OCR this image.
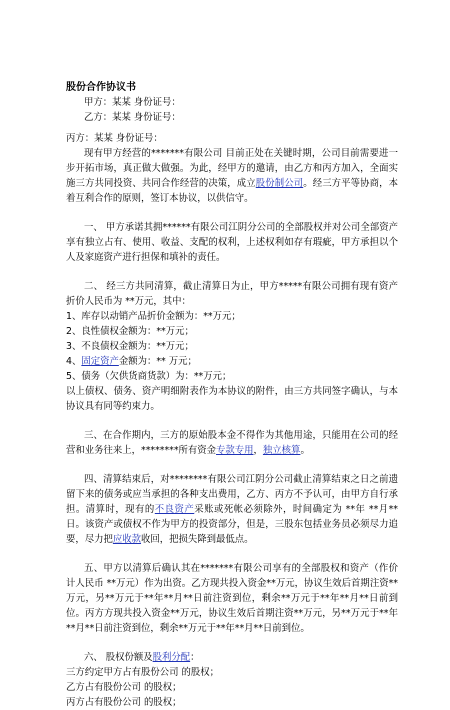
股份合作协议书
甲方：某某 身份证号：
乙方：某某 身份证号：
丙方：某某 身份证号：
现有甲方经营的*******有限公司 目前正处在关键时期，公司目前需要进一步开拓市场，真正做大做强。为此，经甲方的邀请，由乙方和丙方加入，全面实施三方共同投资、共同合作经营的决策，成立股份制公司。经三方平等协商，本着互利合作的原则，签订本协议，以供信守。
一、 甲方承诺其拥******有限公司江阴分公司的全部股权并对公司全部资产享有独立占有、使用、收益、支配的权利，上述权利如存有瑕疵，甲方承担以个人及家庭资产进行担保和填补的责任。
二、 经三方共同清算，截止清算日为止，甲方*****有限公司拥有现有资产折价人民币为 **万元，其中：
1、库存以动销产品折价金额为：**万元；
2、良性债权金额为：**万元；
3、不良债权金额为：**万元；
4、固定资产金额为：** 万元；
5、债务（欠供货商货款）为：**万元；
以上债权、债务、资产明细附表作为本协议的附件，由三方共同签字确认，与本协议具有同等约束力。
三、在合作期内，三方的原始股本金不得作为其他用途，只能用在公司的经营和业务往来上，********所有资金专款专用，独立核算。
四、清算结束后，对********有限公司江阴分公司截止清算结束之日之前遗留下来的债务或应当承担的各种支出费用，乙方、丙方不予认可，由甲方自行承担。清算时，现有的不良资产采账或死帐必须除外，时间确定为 **年 **月** 日。该资产或债权不作为甲方的投资部分，但是，三股东包括业务员必须尽力追要，尽力把应收款收回，把损失降到最低点。
五、甲方以清算后确认其在*******有限公司享有的全部股权和资产（作价计人民币 **万元）作为出资。乙方现共投入资金**万元，协议生效后首期注资**万元，另**万元于**年**月**日前注资到位，剩余**万元于**年**月**日前到位。丙方方现共投入资金**万元，协议生效后首期注资**万元，另**万元于**年**月**日前注资到位，剩余**万元于**年**月**日前到位。
六、 股权份额及股利分配：
三方约定甲方占有股份公司 的股权；
乙方占有股份公司 的股权；
丙方占有股份公司 的股权；
